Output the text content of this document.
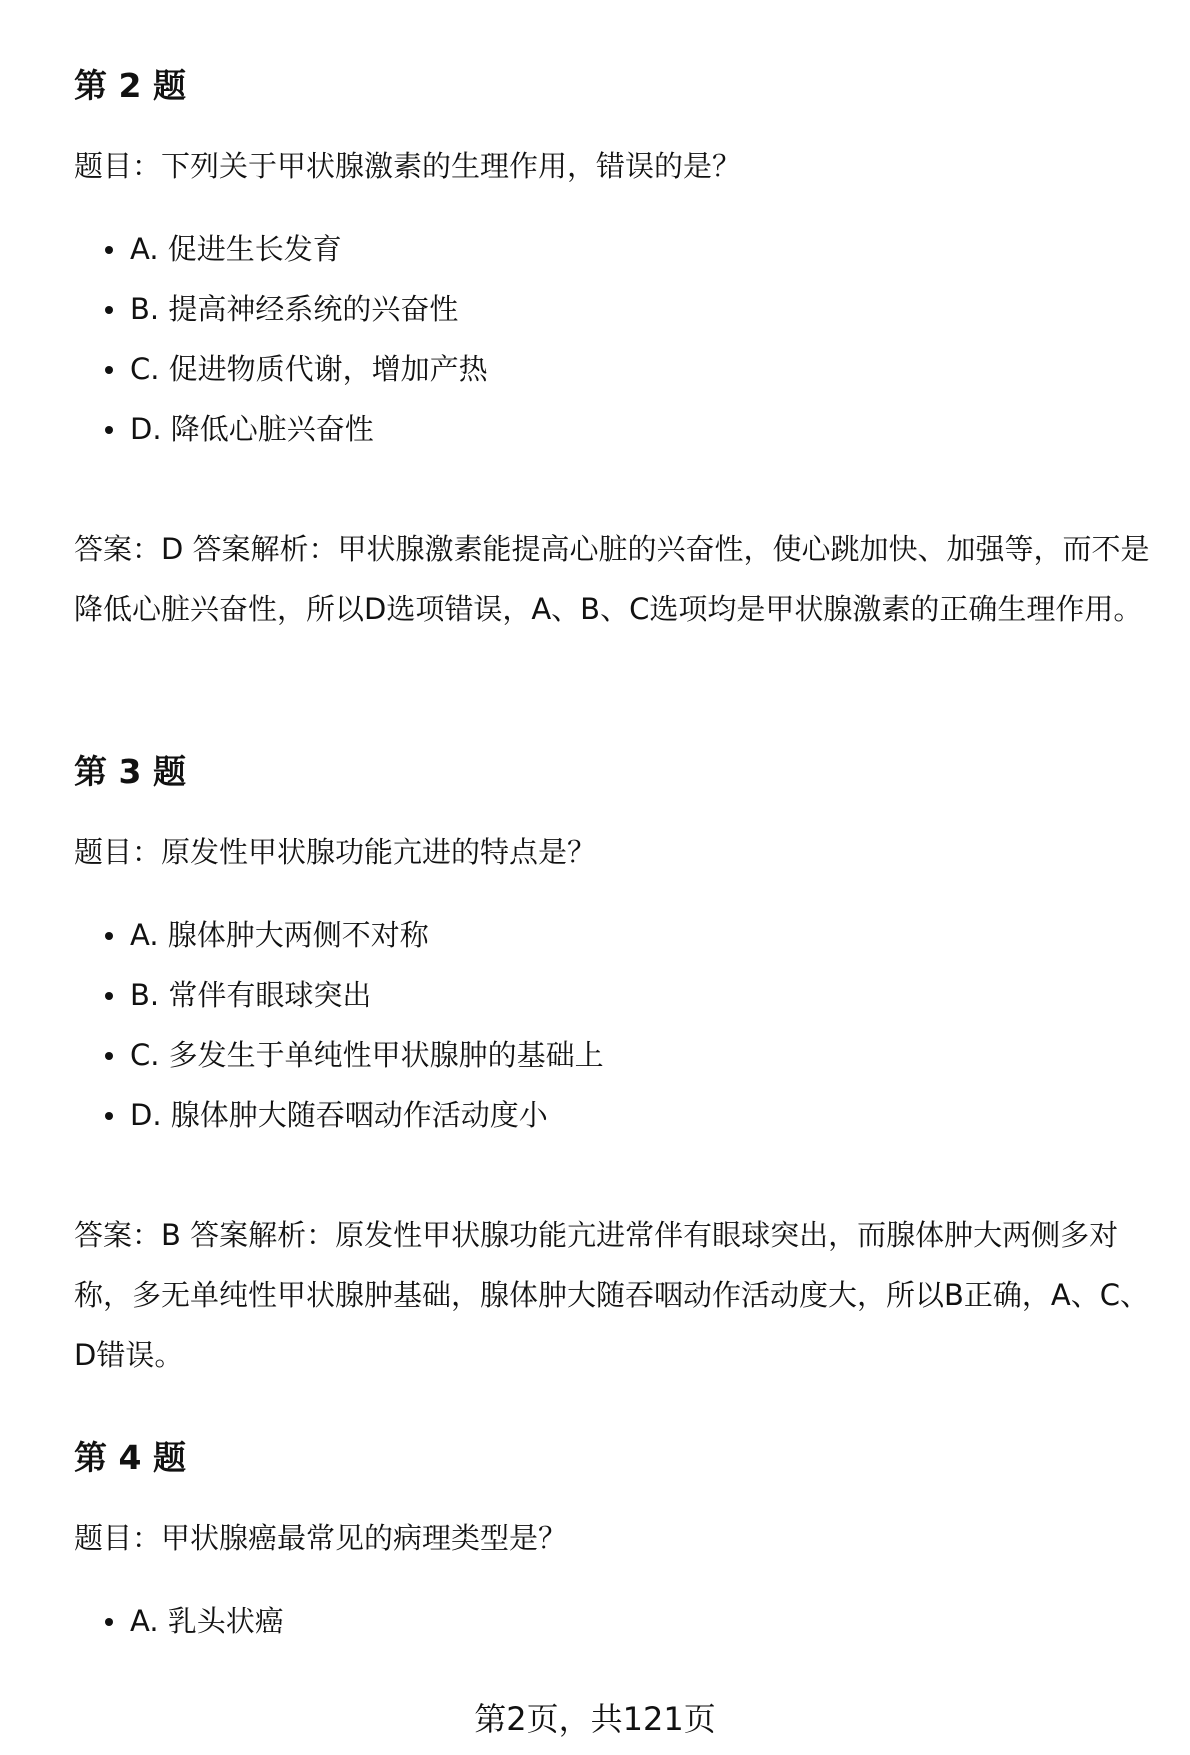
第 2 题

题目：下列关于甲状腺激素的生理作用，错误的是？

A. 促进生长发育
B. 提高神经系统的兴奋性
C. 促进物质代谢，增加产热
D. 降低心脏兴奋性

答案：D 答案解析：甲状腺激素能提高心脏的兴奋性，使心跳加快、加强等，而不是降低心脏兴奋性，所以D选项错误，A、B、C选项均是甲状腺激素的正确生理作用。

第 3 题

题目：原发性甲状腺功能亢进的特点是？

A. 腺体肿大两侧不对称
B. 常伴有眼球突出
C. 多发生于单纯性甲状腺肿的基础上
D. 腺体肿大随吞咽动作活动度小

答案：B 答案解析：原发性甲状腺功能亢进常伴有眼球突出，而腺体肿大两侧多对称，多无单纯性甲状腺肿基础，腺体肿大随吞咽动作活动度大，所以B正确，A、C、D错误。

第 4 题

题目：甲状腺癌最常见的病理类型是？

A. 乳头状癌
第2页，共121页
